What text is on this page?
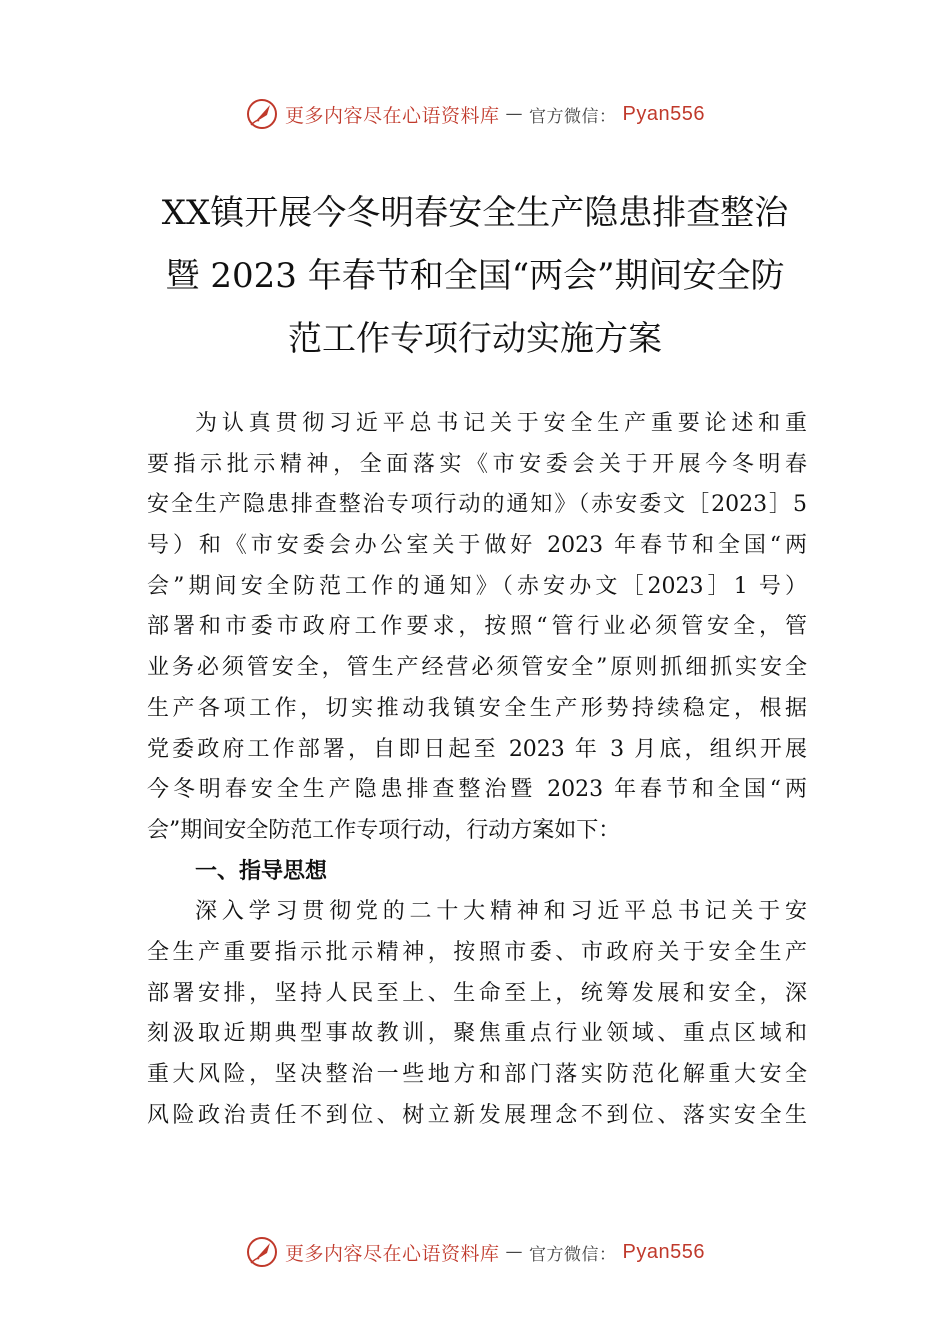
更多内容尽在心语资料库 — 官方微信： Pyan556
XX镇开展今冬明春安全生产隐患排查整治
暨 2023 年春节和全国“两会”期间安全防
范工作专项行动实施方案
为认真贯彻习近平总书记关于安全生产重要论述和重
要指示批示精神，全面落实《市安委会关于开展今冬明春
安全生产隐患排查整治专项行动的通知》（赤安委文［2023］5
号）和《市安委会办公室关于做好 2023 年春节和全国“两
会”期间安全防范工作的通知》（赤安办文［2023］1 号）
部署和市委市政府工作要求，按照“管行业必须管安全，管
业务必须管安全，管生产经营必须管安全”原则抓细抓实安全
生产各项工作，切实推动我镇安全生产形势持续稳定，根据
党委政府工作部署，自即日起至 2023 年 3 月底，组织开展
今冬明春安全生产隐患排查整治暨 2023 年春节和全国“两
会”期间安全防范工作专项行动，行动方案如下：
一、指导思想
深入学习贯彻党的二十大精神和习近平总书记关于安
全生产重要指示批示精神，按照市委、市政府关于安全生产
部署安排，坚持人民至上、生命至上，统筹发展和安全，深
刻汲取近期典型事故教训，聚焦重点行业领域、重点区域和
重大风险，坚决整治一些地方和部门落实防范化解重大安全
风险政治责任不到位、树立新发展理念不到位、落实安全生
更多内容尽在心语资料库 — 官方微信： Pyan556
